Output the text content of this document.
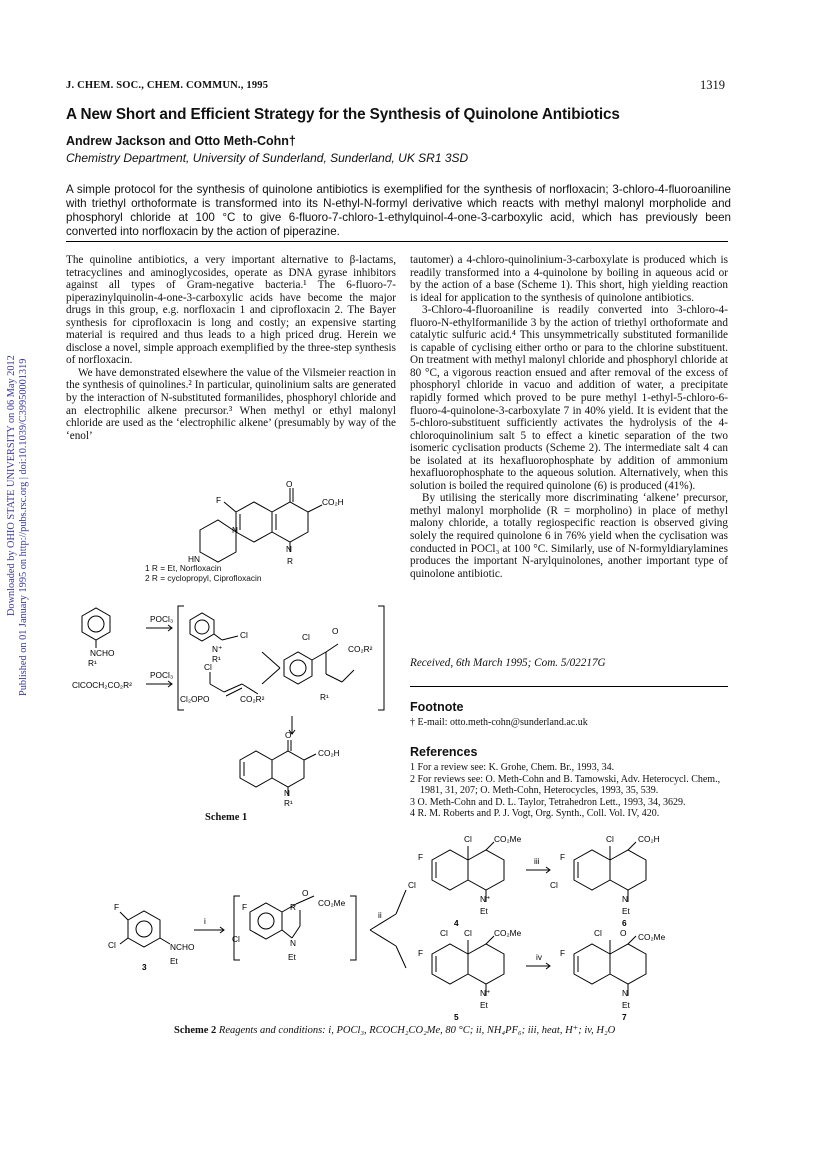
Downloaded by OHIO STATE UNIVERSITY on 06 May 2012 Published on 01 January 1995 on http://pubs.rsc.org | doi:10.1039/C39950001319
J. CHEM. SOC., CHEM. COMMUN., 1995	1319
A New Short and Efficient Strategy for the Synthesis of Quinolone Antibiotics
Andrew Jackson and Otto Meth-Cohn†
Chemistry Department, University of Sunderland, Sunderland, UK SR1 3SD
A simple protocol for the synthesis of quinolone antibiotics is exemplified for the synthesis of norfloxacin; 3-chloro-4-fluoroaniline with triethyl orthoformate is transformed into its N-ethyl-N-formyl derivative which reacts with methyl malonyl morpholide and phosphoryl chloride at 100 °C to give 6-fluoro-7-chloro-1-ethylquinol-4-one-3-carboxylic acid, which has previously been converted into norfloxacin by the action of piperazine.

The quinoline antibiotics, a very important alternative to β-lactams, tetracyclines and aminoglycosides, operate as DNA gyrase inhibitors against all types of Gram-negative bacteria.¹ The 6-fluoro-7-piperazinylquinolin-4-one-3-carboxylic acids have become the major drugs in this group, e.g. norfloxacin 1 and ciprofloxacin 2. The Bayer synthesis for ciprofloxacin is long and costly; an expensive starting material is required and thus leads to a high priced drug. Herein we disclose a novel, simple approach exemplified by the three-step synthesis of norfloxacin.

We have demonstrated elsewhere the value of the Vilsmeier reaction in the synthesis of quinolines.² In particular, quinolinium salts are generated by the interaction of N-substituted formanilides, phosphoryl chloride and an electrophilic alkene precursor.³ When methyl or ethyl malonyl chloride are used as the ‘electrophilic alkene’ (presumably by way of the ‘enol’

tautomer) a 4-chloro-quinolinium-3-carboxylate is produced which is readily transformed into a 4-quinolone by boiling in aqueous acid or by the action of a base (Scheme 1). This short, high yielding reaction is ideal for application to the synthesis of quinolone antibiotics.

3-Chloro-4-fluoroaniline is readily converted into 3-chloro-4-fluoro-N-ethylformanilide 3 by the action of triethyl orthoformate and catalytic sulfuric acid.⁴ This unsymmetrically substituted formanilide is capable of cyclising either ortho or para to the chlorine substituent. On treatment with methyl malonyl chloride and phosphoryl chloride at 80 °C, a vigorous reaction ensued and after removal of the excess of phosphoryl chloride in vacuo and addition of water, a precipitate rapidly formed which proved to be pure methyl 1-ethyl-5-chloro-6-fluoro-4-quinolone-3-carboxylate 7 in 40% yield. It is evident that the 5-chloro-substituent sufficiently activates the hydrolysis of the 4-chloroquinolinium salt 5 to effect a kinetic separation of the two isomeric cyclisation products (Scheme 2). The intermediate salt 4 can be isolated at its hexafluorophosphate by addition of ammonium hexafluorophosphate to the aqueous solution. Alternatively, when this solution is boiled the required quinolone (6) is produced (41%).

By utilising the sterically more discriminating ‘alkene’ precursor, methyl malonyl morpholide (R = morpholino) in place of methyl malony chloride, a totally regiospecific reaction is observed giving solely the required quinolone 6 in 76% yield when the cyclisation was conducted in POCl₃ at 100 °C. Similarly, use of N-formyldiarylamines produces the important N-arylquinolones, another important type of quinolone antibiotic.

Received, 6th March 1995; Com. 5/02217G
Footnote
† E-mail: otto.meth-cohn@sunderland.ac.uk
References
1 For a review see: K. Grohe, Chem. Br., 1993, 34.
2 For reviews see: O. Meth-Cohn and B. Tamowski, Adv. Heterocycl. Chem., 1981, 31, 207; O. Meth-Cohn, Heterocycles, 1993, 35, 539.
3 O. Meth-Cohn and D. L. Taylor, Tetrahedron Lett., 1993, 34, 3629.
4 R. M. Roberts and P. J. Vogt, Org. Synth., Coll. Vol. IV, 420.
O
CO₂H
F
N
R
N
HN
1 R = Et, Norfloxacin
2 R = cyclopropyl, Ciprofloxacin
POCl₃
POCl₃
NCHO
R¹
ClCOCH₂CO₂R²
N⁺
R¹
Cl	Cl
O
CO₂R²
R¹
Cl
Cl₂OPO	CO₂R²
O
CO₂H
N
R¹
Scheme 1
F
Cl	NCHO
Et
3
i
F
Cl
R
O
CO₂Me
N
Et
ii
Cl	CO₂Me
F
Cl
N⁺
Et
4
iii
Cl	CO₂H
F
Cl
N
Et
6
Cl Cl	CO₂Me
F
N⁺
Et
5
iv
Cl O CO₂Me
F
N
Et
7
Scheme 2 Reagents and conditions: i, POCl₃, RCOCH₂CO₂Me, 80 °C; ii, NH₄PF₆; iii, heat, H⁺; iv, H₂O
